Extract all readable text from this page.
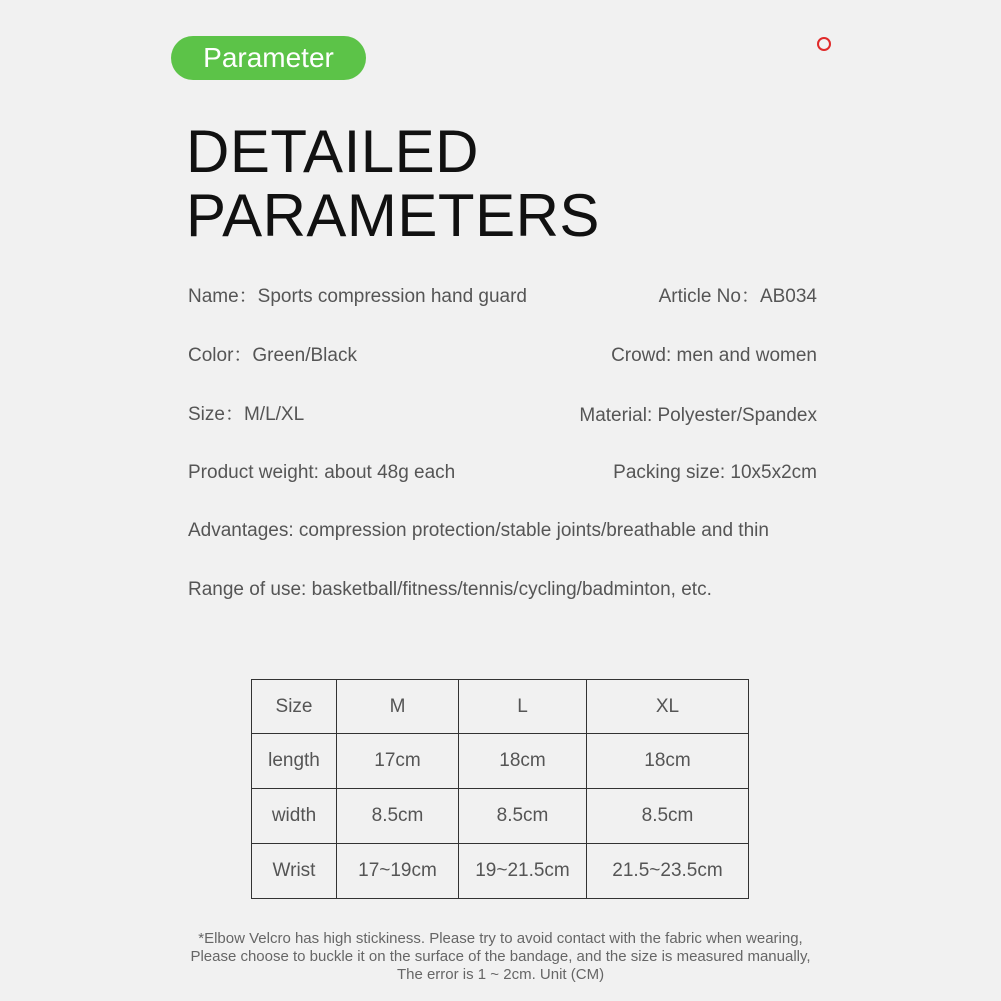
Parameter
DETAILED
PARAMETERS
Name：Sports compression hand guard	Article No：AB034
Color：Green/Black	Crowd: men and women
Size：M/L/XL	Material: Polyester/Spandex
Product weight: about 48g each	Packing size: 10x5x2cm
Advantages: compression protection/stable joints/breathable and thin
Range of use: basketball/fitness/tennis/cycling/badminton, etc.
Size	M	L	XL
length	17cm	18cm	18cm
width	8.5cm	8.5cm	8.5cm
Wrist	17~19cm	19~21.5cm	21.5~23.5cm
*Elbow Velcro has high stickiness. Please try to avoid contact with the fabric when wearing,
Please choose to buckle it on the surface of the bandage, and the size is measured manually,
The error is 1 ~ 2cm. Unit (CM)
